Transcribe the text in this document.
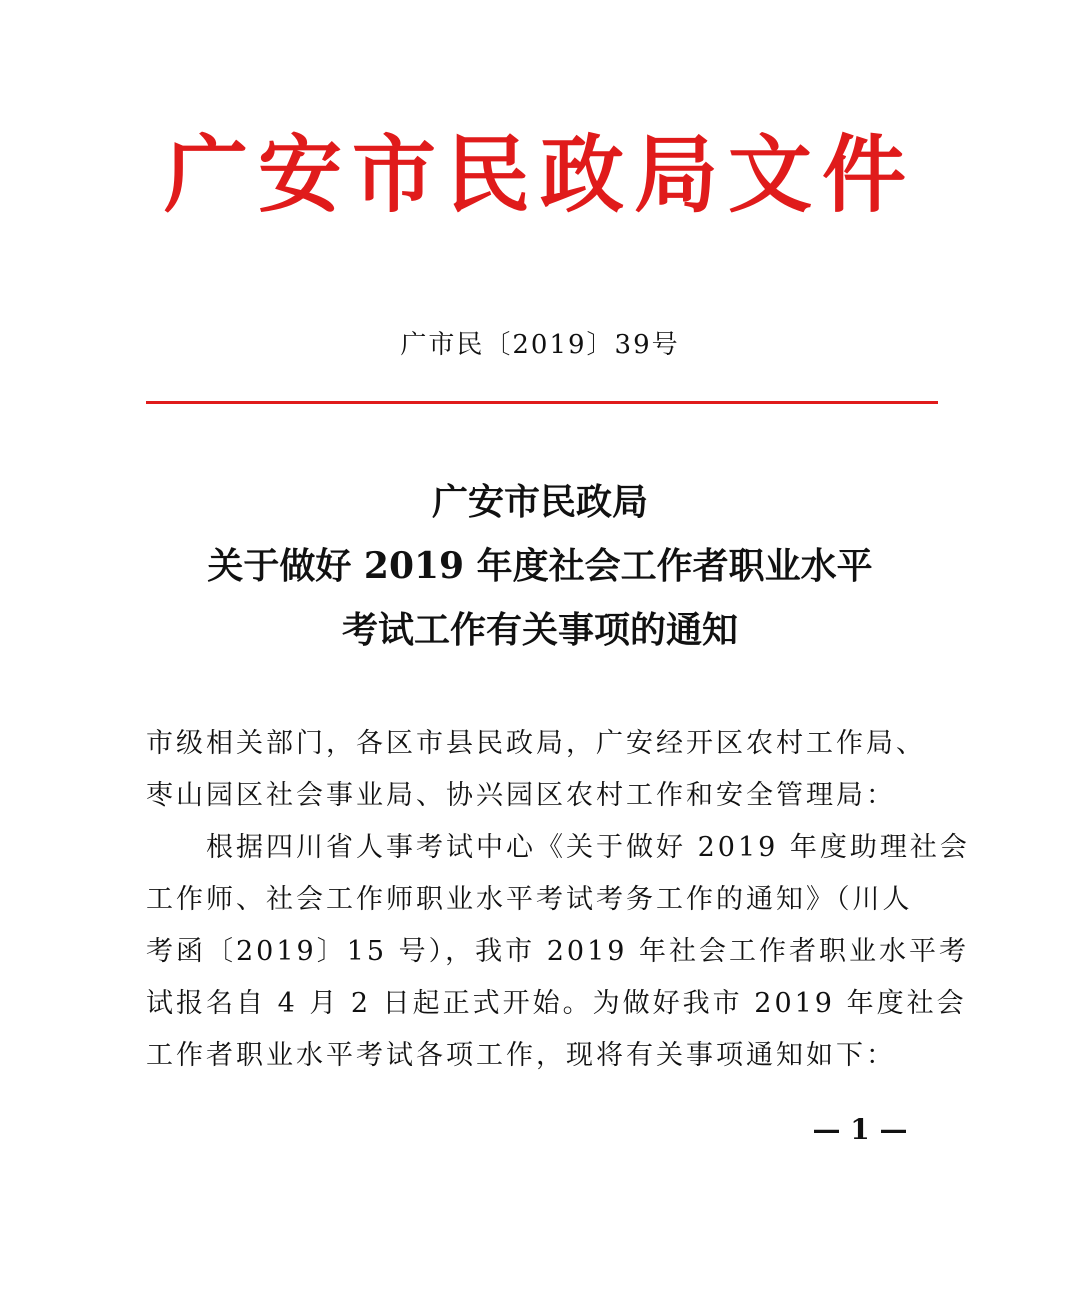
广安市民政局文件
广市民〔2019〕39号
广安市民政局
关于做好 2019 年度社会工作者职业水平
考试工作有关事项的通知
市级相关部门，各区市县民政局，广安经开区农村工作局、
枣山园区社会事业局、协兴园区农村工作和安全管理局：
根据四川省人事考试中心《关于做好 2019 年度助理社会
工作师、社会工作师职业水平考试考务工作的通知》（川人
考函〔2019〕15 号），我市 2019 年社会工作者职业水平考
试报名自 4 月 2 日起正式开始。为做好我市 2019 年度社会
工作者职业水平考试各项工作，现将有关事项通知如下：
— 1 —
